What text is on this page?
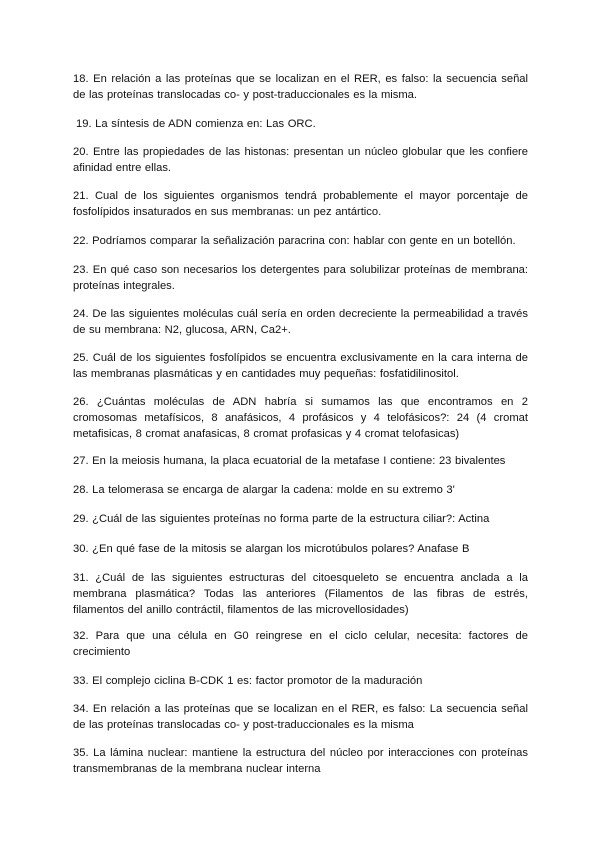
18. En relación a las proteínas que se localizan en el RER, es falso: la secuencia señal de las proteínas translocadas co- y post-traduccionales es la misma.

19. La síntesis de ADN comienza en: Las ORC.

20. Entre las propiedades de las histonas: presentan un núcleo globular que les confiere afinidad entre ellas.

21. Cual de los siguientes organismos tendrá probablemente el mayor porcentaje de fosfolípidos insaturados en sus membranas: un pez antártico.

22. Podríamos comparar la señalización paracrina con: hablar con gente en un botellón.

23. En qué caso son necesarios los detergentes para solubilizar proteínas de membrana: proteínas integrales.

24. De las siguientes moléculas cuál sería en orden decreciente la permeabilidad a través de su membrana: N2, glucosa, ARN, Ca2+.

25. Cuál de los siguientes fosfolípidos se encuentra exclusivamente en la cara interna de las membranas plasmáticas y en cantidades muy pequeñas: fosfatidilinositol.

26. ¿Cuántas moléculas de ADN habría si sumamos las que encontramos en 2 cromosomas metafísicos, 8 anafásicos, 4 profásicos y 4 telofásicos?: 24 (4 cromat metafisicas, 8 cromat anafasicas, 8 cromat profasicas y 4 cromat telofasicas)

27. En la meiosis humana, la placa ecuatorial de la metafase I contiene: 23 bivalentes

28. La telomerasa se encarga de alargar la cadena: molde en su extremo 3'

29. ¿Cuál de las siguientes proteínas no forma parte de la estructura ciliar?: Actina

30. ¿En qué fase de la mitosis se alargan los microtúbulos polares? Anafase B

31. ¿Cuál de las siguientes estructuras del citoesqueleto se encuentra anclada a la membrana plasmática? Todas las anteriores (Filamentos de las fibras de estrés, filamentos del anillo contráctil, filamentos de las microvellosidades)

32. Para que una célula en G0 reingrese en el ciclo celular, necesita: factores de crecimiento

33. El complejo ciclina B-CDK 1 es: factor promotor de la maduración

34. En relación a las proteínas que se localizan en el RER, es falso: La secuencia señal de las proteínas translocadas co- y post-traduccionales es la misma

35. La lámina nuclear: mantiene la estructura del núcleo por interacciones con proteínas transmembranas de la membrana nuclear interna
